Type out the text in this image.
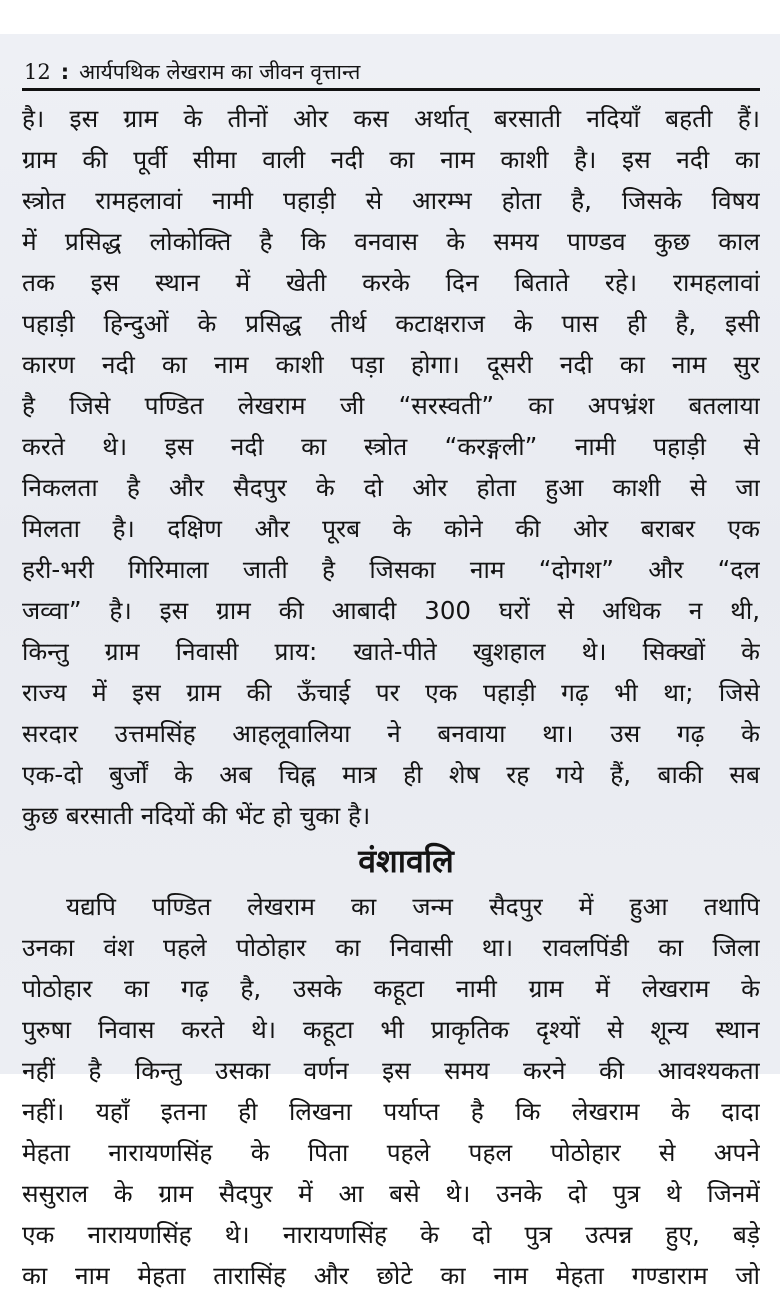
12 : आर्यपथिक लेखराम का जीवन वृत्तान्त
है। इस ग्राम के तीनों ओर कस अर्थात् बरसाती नदियाँ बहती हैं।
ग्राम की पूर्वी सीमा वाली नदी का नाम काशी है। इस नदी का
स्त्रोत रामहलावां नामी पहाड़ी से आरम्भ होता है, जिसके विषय
में प्रसिद्ध लोकोक्ति है कि वनवास के समय पाण्डव कुछ काल
तक इस स्थान में खेती करके दिन बिताते रहे। रामहलावां
पहाड़ी हिन्दुओं के प्रसिद्ध तीर्थ कटाक्षराज के पास ही है, इसी
कारण नदी का नाम काशी पड़ा होगा। दूसरी नदी का नाम सुर
है जिसे पण्डित लेखराम जी “सरस्वती” का अपभ्रंश बतलाया
करते थे। इस नदी का स्त्रोत “करङ्गली” नामी पहाड़ी से
निकलता है और सैदपुर के दो ओर होता हुआ काशी से जा
मिलता है। दक्षिण और पूरब के कोने की ओर बराबर एक
हरी-भरी गिरिमाला जाती है जिसका नाम “दोगश” और “दल
जव्वा” है। इस ग्राम की आबादी 300 घरों से अधिक न थी,
किन्तु ग्राम निवासी प्राय: खाते-पीते खुशहाल थे। सिक्खों के
राज्य में इस ग्राम की ऊँचाई पर एक पहाड़ी गढ़ भी था; जिसे
सरदार उत्तमसिंह आहलूवालिया ने बनवाया था। उस गढ़ के
एक-दो बुर्जों के अब चिह्न मात्र ही शेष रह गये हैं, बाकी सब
कुछ बरसाती नदियों की भेंट हो चुका है।
वंशावलि
यद्यपि पण्डित लेखराम का जन्म सैदपुर में हुआ तथापि
उनका वंश पहले पोठोहार का निवासी था। रावलपिंडी का जिला
पोठोहार का गढ़ है, उसके कहूटा नामी ग्राम में लेखराम के
पुरुषा निवास करते थे। कहूटा भी प्राकृतिक दृश्यों से शून्य स्थान
नहीं है किन्तु उसका वर्णन इस समय करने की आवश्यकता
नहीं। यहाँ इतना ही लिखना पर्याप्त है कि लेखराम के दादा
मेहता नारायणसिंह के पिता पहले पहल पोठोहार से अपने
ससुराल के ग्राम सैदपुर में आ बसे थे। उनके दो पुत्र थे जिनमें
एक नारायणसिंह थे। नारायणसिंह के दो पुत्र उत्पन्न हुए, बड़े
का नाम मेहता तारासिंह और छोटे का नाम मेहता गण्डाराम जो
